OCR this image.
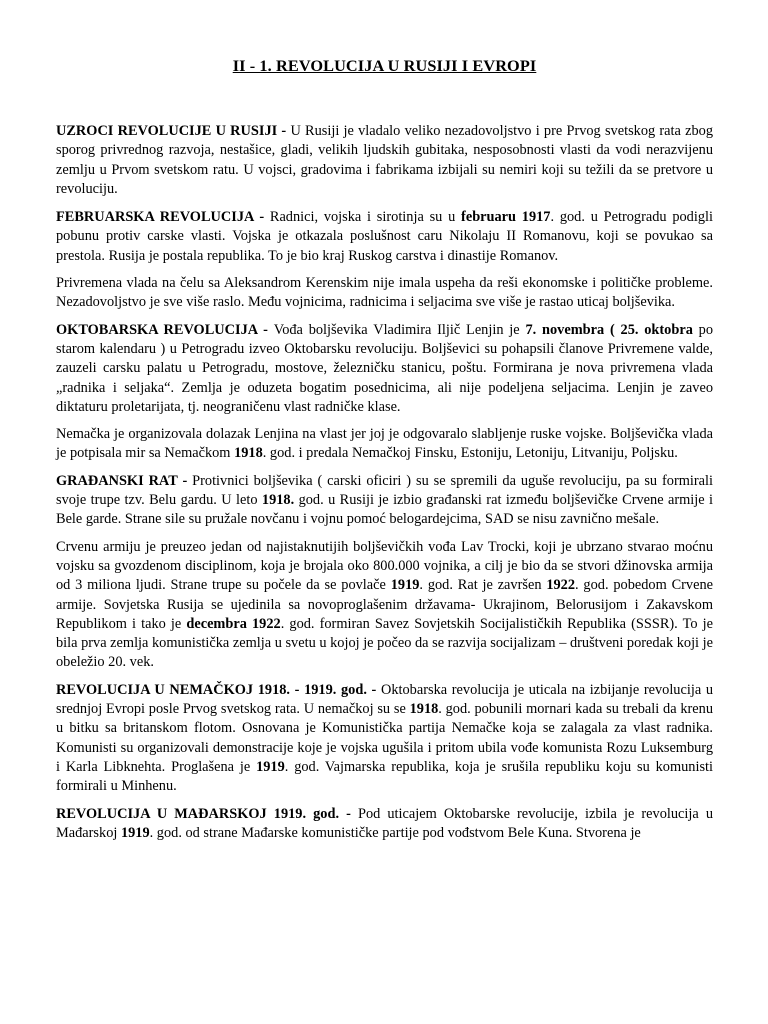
II - 1. REVOLUCIJA U RUSIJI I EVROPI

UZROCI REVOLUCIJE U RUSIJI - U Rusiji je vladalo veliko nezadovoljstvo i pre Prvog svetskog rata zbog sporog privrednog razvoja, nestašice, gladi, velikih ljudskih gubitaka, nesposobnosti vlasti da vodi nerazvijenu zemlju u Prvom svetskom ratu. U vojsci, gradovima i fabrikama izbijali su nemiri koji su težili da se pretvore u revoluciju.

FEBRUARSKA REVOLUCIJA - Radnici, vojska i sirotinja su u februaru 1917. god. u Petrogradu podigli pobunu protiv carske vlasti. Vojska je otkazala poslušnost caru Nikolaju II Romanovu, koji se povukao sa prestola. Rusija je postala republika. To je bio kraj Ruskog carstva i dinastije Romanov.

Privremena vlada na čelu sa Aleksandrom Kerenskim nije imala uspeha da reši ekonomske i političke probleme. Nezadovoljstvo je sve više raslo. Među vojnicima, radnicima i seljacima sve više je rastao uticaj boljševika.

OKTOBARSKA REVOLUCIJA - Vođa boljševika Vladimira Iljič Lenjin je 7. novembra ( 25. oktobra po starom kalendaru ) u Petrogradu izveo Oktobarsku revoluciju. Boljševici su pohapsili članove Privremene valde, zauzeli carsku palatu u Petrogradu, mostove, železničku stanicu, poštu. Formirana je nova privremena vlada „radnika i seljaka“. Zemlja je oduzeta bogatim posednicima, ali nije podeljena seljacima. Lenjin je zaveo diktaturu proletarijata, tj. neograničenu vlast radničke klase.

Nemačka je organizovala dolazak Lenjina na vlast jer joj je odgovaralo slabljenje ruske vojske. Boljševička vlada je potpisala mir sa Nemačkom 1918. god. i predala Nemačkoj Finsku, Estoniju, Letoniju, Litvaniju, Poljsku.

GRAĐANSKI RAT - Protivnici boljševika ( carski oficiri ) su se spremili da uguše revoluciju, pa su formirali svoje trupe tzv. Belu gardu. U leto 1918. god. u Rusiji je izbio građanski rat između boljševičke Crvene armije i Bele garde. Strane sile su pružale novčanu i vojnu pomoć belogardejcima, SAD se nisu zavnično mešale.

Crvenu armiju je preuzeo jedan od najistaknutijih boljševičkih vođa Lav Trocki, koji je ubrzano stvarao moćnu vojsku sa gvozdenom disciplinom, koja je brojala oko 800.000 vojnika, a cilj je bio da se stvori džinovska armija od 3 miliona ljudi. Strane trupe su počele da se povlače 1919. god. Rat je završen 1922. god. pobedom Crvene armije. Sovjetska Rusija se ujedinila sa novoproglašenim državama- Ukrajinom, Belorusijom i Zakavskom Republikom i tako je decembra 1922. god. formiran Savez Sovjetskih Socijalističkih Republika (SSSR). To je bila prva zemlja komunistička zemlja u svetu u kojoj je počeo da se razvija socijalizam – društveni poredak koji je obeležio 20. vek.

REVOLUCIJA U NEMAČKOJ 1918. - 1919. god. - Oktobarska revolucija je uticala na izbijanje revolucija u srednjoj Evropi posle Prvog svetskog rata. U nemačkoj su se 1918. god. pobunili mornari kada su trebali da krenu u bitku sa britanskom flotom. Osnovana je Komunistička partija Nemačke koja se zalagala za vlast radnika. Komunisti su organizovali demonstracije koje je vojska ugušila i pritom ubila vođe komunista Rozu Luksemburg i Karla Libknehta. Proglašena je 1919. god. Vajmarska republika, koja je srušila republiku koju su komunisti formirali u Minhenu.

REVOLUCIJA U MAĐARSKOJ 1919. god. - Pod uticajem Oktobarske revolucije, izbila je revolucija u Mađarskoj 1919. god. od strane Mađarske komunističke partije pod vođstvom Bele Kuna. Stvorena je
